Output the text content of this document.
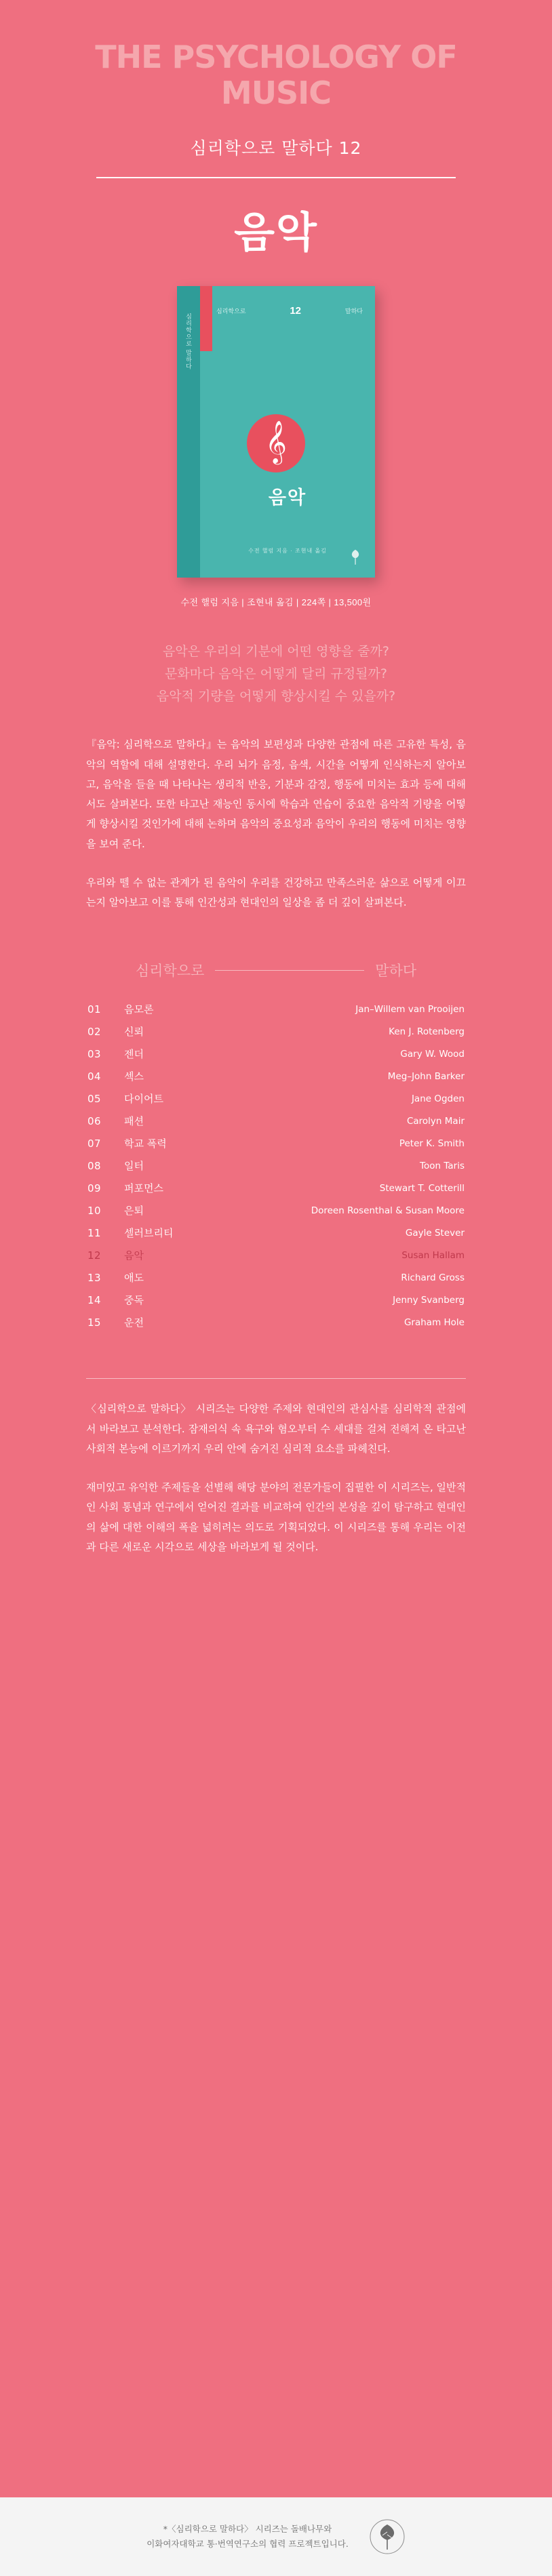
THE PSYCHOLOGY OF
MUSIC
심리학으로 말하다 12
음악
심리학으로 말하다
심리학으로	12	말하다
𝄞
음악
수전 핼럼 지음 · 조현내 옮김
수전 핼럼 지음 | 조현내 옮김 | 224쪽 | 13,500원
음악은 우리의 기분에 어떤 영향을 줄까?
문화마다 음악은 어떻게 달리 규정될까?
음악적 기량을 어떻게 향상시킬 수 있을까?

『음악: 심리학으로 말하다』는 음악의 보편성과 다양한 관점에 따른 고유한 특성, 음악의 역할에 대해 설명한다. 우리 뇌가 음정, 음색, 시간을 어떻게 인식하는지 알아보고, 음악을 들을 때 나타나는 생리적 반응, 기분과 감정, 행동에 미치는 효과 등에 대해서도 살펴본다. 또한 타고난 재능인 동시에 학습과 연습이 중요한 음악적 기량을 어떻게 향상시킬 것인가에 대해 논하며 음악의 중요성과 음악이 우리의 행동에 미치는 영향을 보여 준다.

우리와 뗄 수 없는 관계가 된 음악이 우리를 건강하고 만족스러운 삶으로 어떻게 이끄는지 알아보고 이를 통해 인간성과 현대인의 일상을 좀 더 깊이 살펴본다.

심리학으로	말하다
01	음모론	Jan–Willem van Prooijen
02	신뢰	Ken J. Rotenberg
03	젠더	Gary W. Wood
04	섹스	Meg–John Barker
05	다이어트	Jane Ogden
06	패션	Carolyn Mair
07	학교 폭력	Peter K. Smith
08	일터	Toon Taris
09	퍼포먼스	Stewart T. Cotterill
10	은퇴	Doreen Rosenthal & Susan Moore
11	셀러브리티	Gayle Stever
12	음악	Susan Hallam
13	애도	Richard Gross
14	중독	Jenny Svanberg
15	운전	Graham Hole

〈심리학으로 말하다〉 시리즈는 다양한 주제와 현대인의 관심사를 심리학적 관점에서 바라보고 분석한다. 잠재의식 속 욕구와 혐오부터 수 세대를 걸쳐 전해져 온 타고난 사회적 본능에 이르기까지 우리 안에 숨겨진 심리적 요소를 파헤친다.

재미있고 유익한 주제들을 선별해 해당 분야의 전문가들이 집필한 이 시리즈는, 일반적인 사회 통념과 연구에서 얻어진 결과를 비교하여 인간의 본성을 깊이 탐구하고 현대인의 삶에 대한 이해의 폭을 넓히려는 의도로 기획되었다. 이 시리즈를 통해 우리는 이전과 다른 새로운 시각으로 세상을 바라보게 될 것이다.

*〈심리학으로 말하다〉 시리즈는 돌배나무와
이화여자대학교 통·번역연구소의 협력 프로젝트입니다.
